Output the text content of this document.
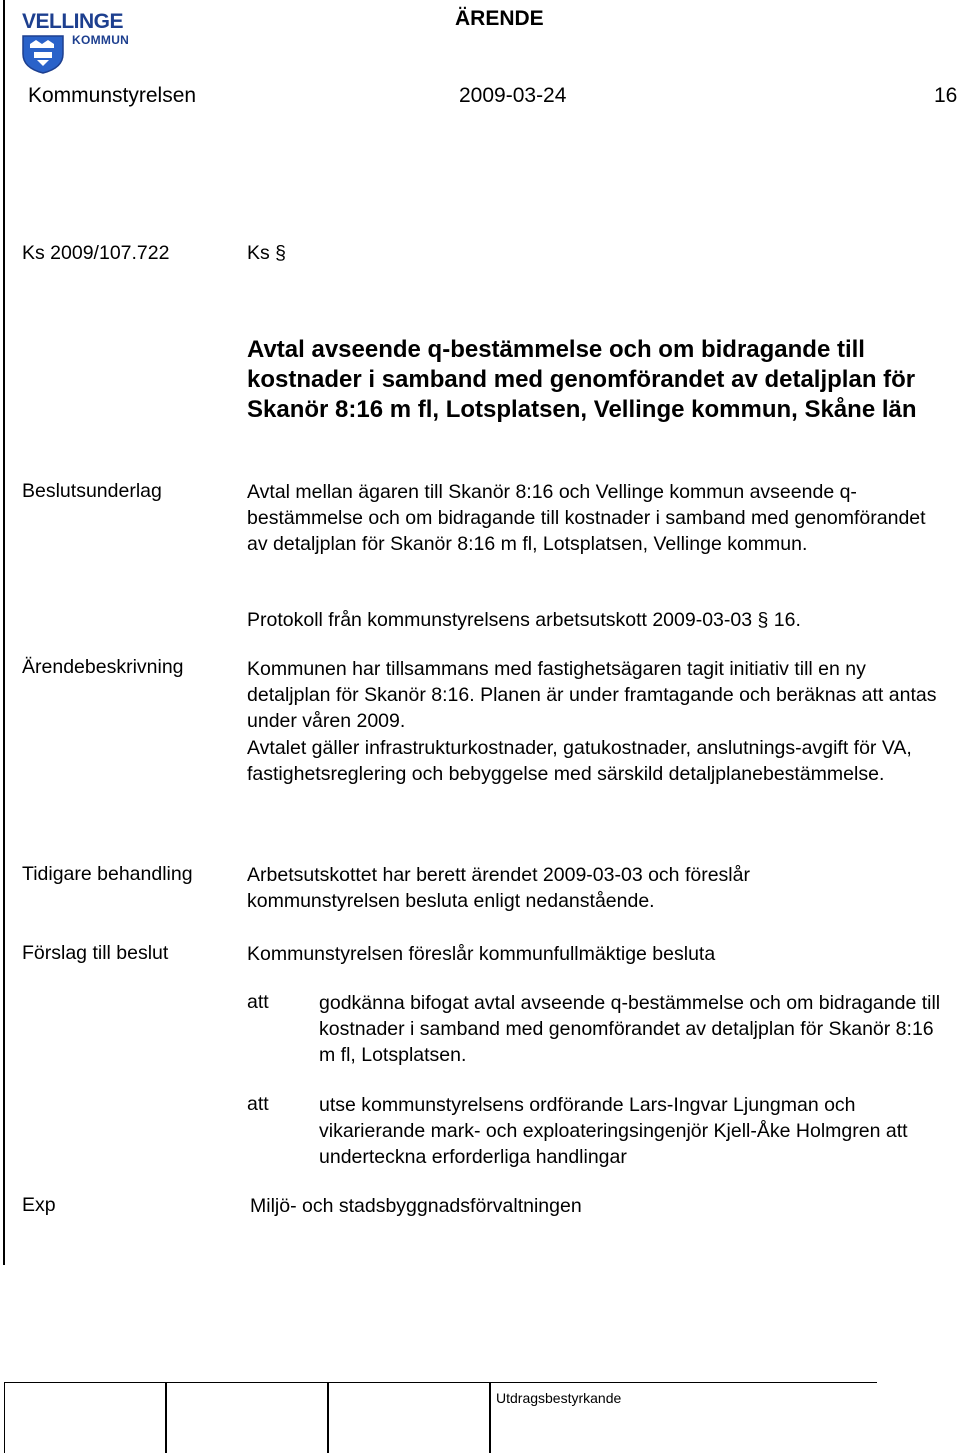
VELLINGE
KOMMUN
ÄRENDE
Kommunstyrelsen	2009-03-24	16
Ks 2009/107.722	Ks §
Avtal avseende q-bestämmelse och om bidragande till kostnader i samband med genomförandet av detaljplan för Skanör 8:16 m fl, Lotsplatsen, Vellinge kommun, Skåne län
Beslutsunderlag	Avtal mellan ägaren till Skanör 8:16 och Vellinge kommun avseende q-bestämmelse och om bidragande till kostnader i samband med genomförandet av detaljplan för Skanör 8:16 m fl, Lotsplatsen, Vellinge kommun.
Protokoll från kommunstyrelsens arbetsutskott 2009-03-03 § 16.
Ärendebeskrivning	Kommunen har tillsammans med fastighetsägaren tagit initiativ till en ny detaljplan för Skanör 8:16. Planen är under framtagande och beräknas att antas under våren 2009.
Avtalet gäller infrastrukturkostnader, gatukostnader, anslutnings-avgift för VA, fastighetsreglering och bebyggelse med särskild detaljplanebestämmelse.
Tidigare behandling	Arbetsutskottet har berett ärendet 2009-03-03 och föreslår kommunstyrelsen besluta enligt nedanstående.
Förslag till beslut	Kommunstyrelsen föreslår kommunfullmäktige besluta
att	godkänna bifogat avtal avseende q-bestämmelse och om bidragande till kostnader i samband med genomförandet av detaljplan för Skanör 8:16 m fl, Lotsplatsen.
att	utse kommunstyrelsens ordförande Lars-Ingvar Ljungman och vikarierande mark- och exploateringsingenjör Kjell-Åke Holmgren att underteckna erforderliga handlingar
Exp	Miljö- och stadsbyggnadsförvaltningen
Utdragsbestyrkande
